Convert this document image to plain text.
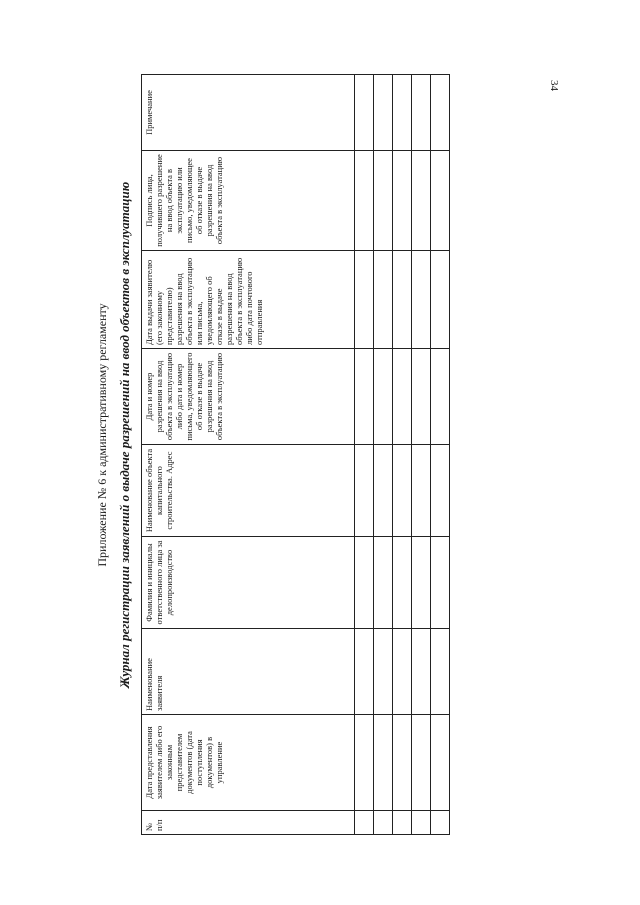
Приложение № 6 к административному регламенту Журнал регистрации заявлений о выдаче разрешений на ввод объектов в эксплуатацию
№ п/п	Дата представления заявителем либо его законным представителем документов (дата поступления документов) в управление	Наименование заявителя	Фамилия и инициалы ответственного лица за делопроизводство	Наименование объекта капитального строительства. Адрес	Дата и номер разрешения на ввод объекта в эксплуатацию либо дата и номер письма, уведомляющего об отказе в выдаче разрешения на ввод объекта в эксплуатацию	Дата выдачи заявителю (его законному представителю) разрешения на ввод объекта в эксплуатацию или письма, уведомляющего об отказе в выдаче разрешения на ввод объекта в эксплуатацию либо дата почтового отправления	Подпись лица, получившего разрешение на ввод объекта в эксплуатацию или письмо, уведомляющее об отказе в выдаче разрешения на ввод объекта в эксплуатацию	Примечание

34
